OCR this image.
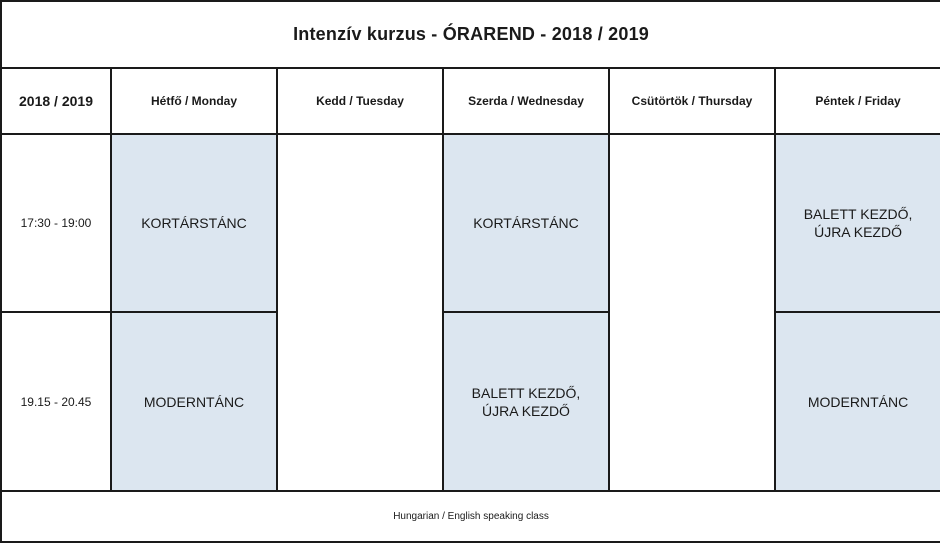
Intenzív kurzus - ÓRAREND - 2018 / 2019					
2018 / 2019	Hétfő / Monday	Kedd / Tuesday	Szerda / Wednesday	Csütörtök / Thursday	Péntek / Friday
17:30 - 19:00	KORTÁRSTÁNC		KORTÁRSTÁNC		BALETT KEZDŐ,
ÚJRA KEZDŐ

19.15 - 20.45	MODERNTÁNC		BALETT KEZDŐ,
ÚJRA KEZDŐ		MODERNTÁNC
Hungarian / English speaking class					
